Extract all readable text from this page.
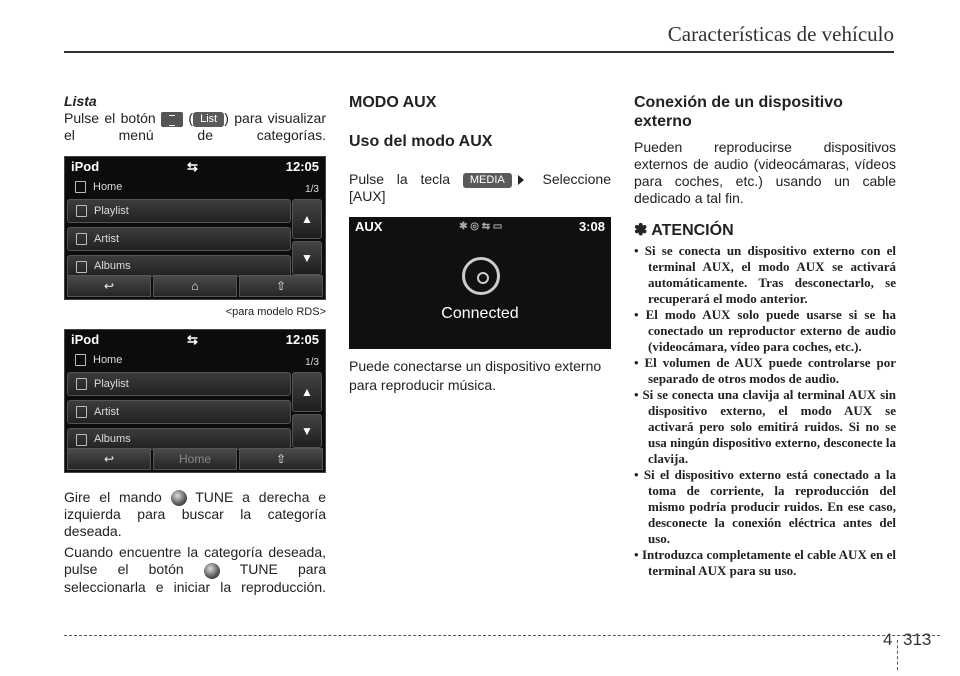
Características de vehículo
Lista
Pulse el botón  ( List ) para visualizar el menú de categorías.
iPod	⇆	12:05
Home	1/3
Playlist
Artist
Albums
▲
▼
↩	⌂	⇧
<para modelo RDS>
iPod	⇆	12:05
Home	1/3
Playlist
Artist
Albums
▲
▼
↩	Home	⇧
Gire el mando TUNE a derecha e izquierda para buscar la categoría deseada.
Cuando encuentre la categoría deseada, pulse el botón	TUNE para seleccionarla e iniciar la reproducción.
MODO AUX
Uso del modo AUX
Pulse la tecla MEDIA	Seleccione [AUX]
AUX	✱ ◎ ⇆ ▭	3:08
Connected
Puede conectarse un dispositivo externo para reproducir música.
Conexión de un dispositivo externo
Pueden reproducirse dispositivos externos de audio (videocámaras, vídeos para coches, etc.) usando un cable dedicado a tal fin.
✽ ATENCIÓN
• Si se conecta un dispositivo externo con el terminal AUX, el modo AUX se activará automáticamente. Tras desconectarlo, se recuperará el modo anterior.
• El modo AUX solo puede usarse si se ha conectado un reproductor externo de audio (videocámara, vídeo para coches, etc.).
• El volumen de AUX puede controlarse por separado de otros modos de audio.
• Si se conecta una clavija al terminal AUX sin dispositivo externo, el modo AUX se activará pero solo emitirá ruidos. Si no se usa ningún dispositivo externo, desconecte la clavija.
• Si el dispositivo externo está conectado a la toma de corriente, la reproducción del mismo podría producir ruidos. En ese caso, desconecte la conexión eléctrica antes del uso.
• Introduzca completamente el cable AUX en el terminal AUX para su uso.
4 313
